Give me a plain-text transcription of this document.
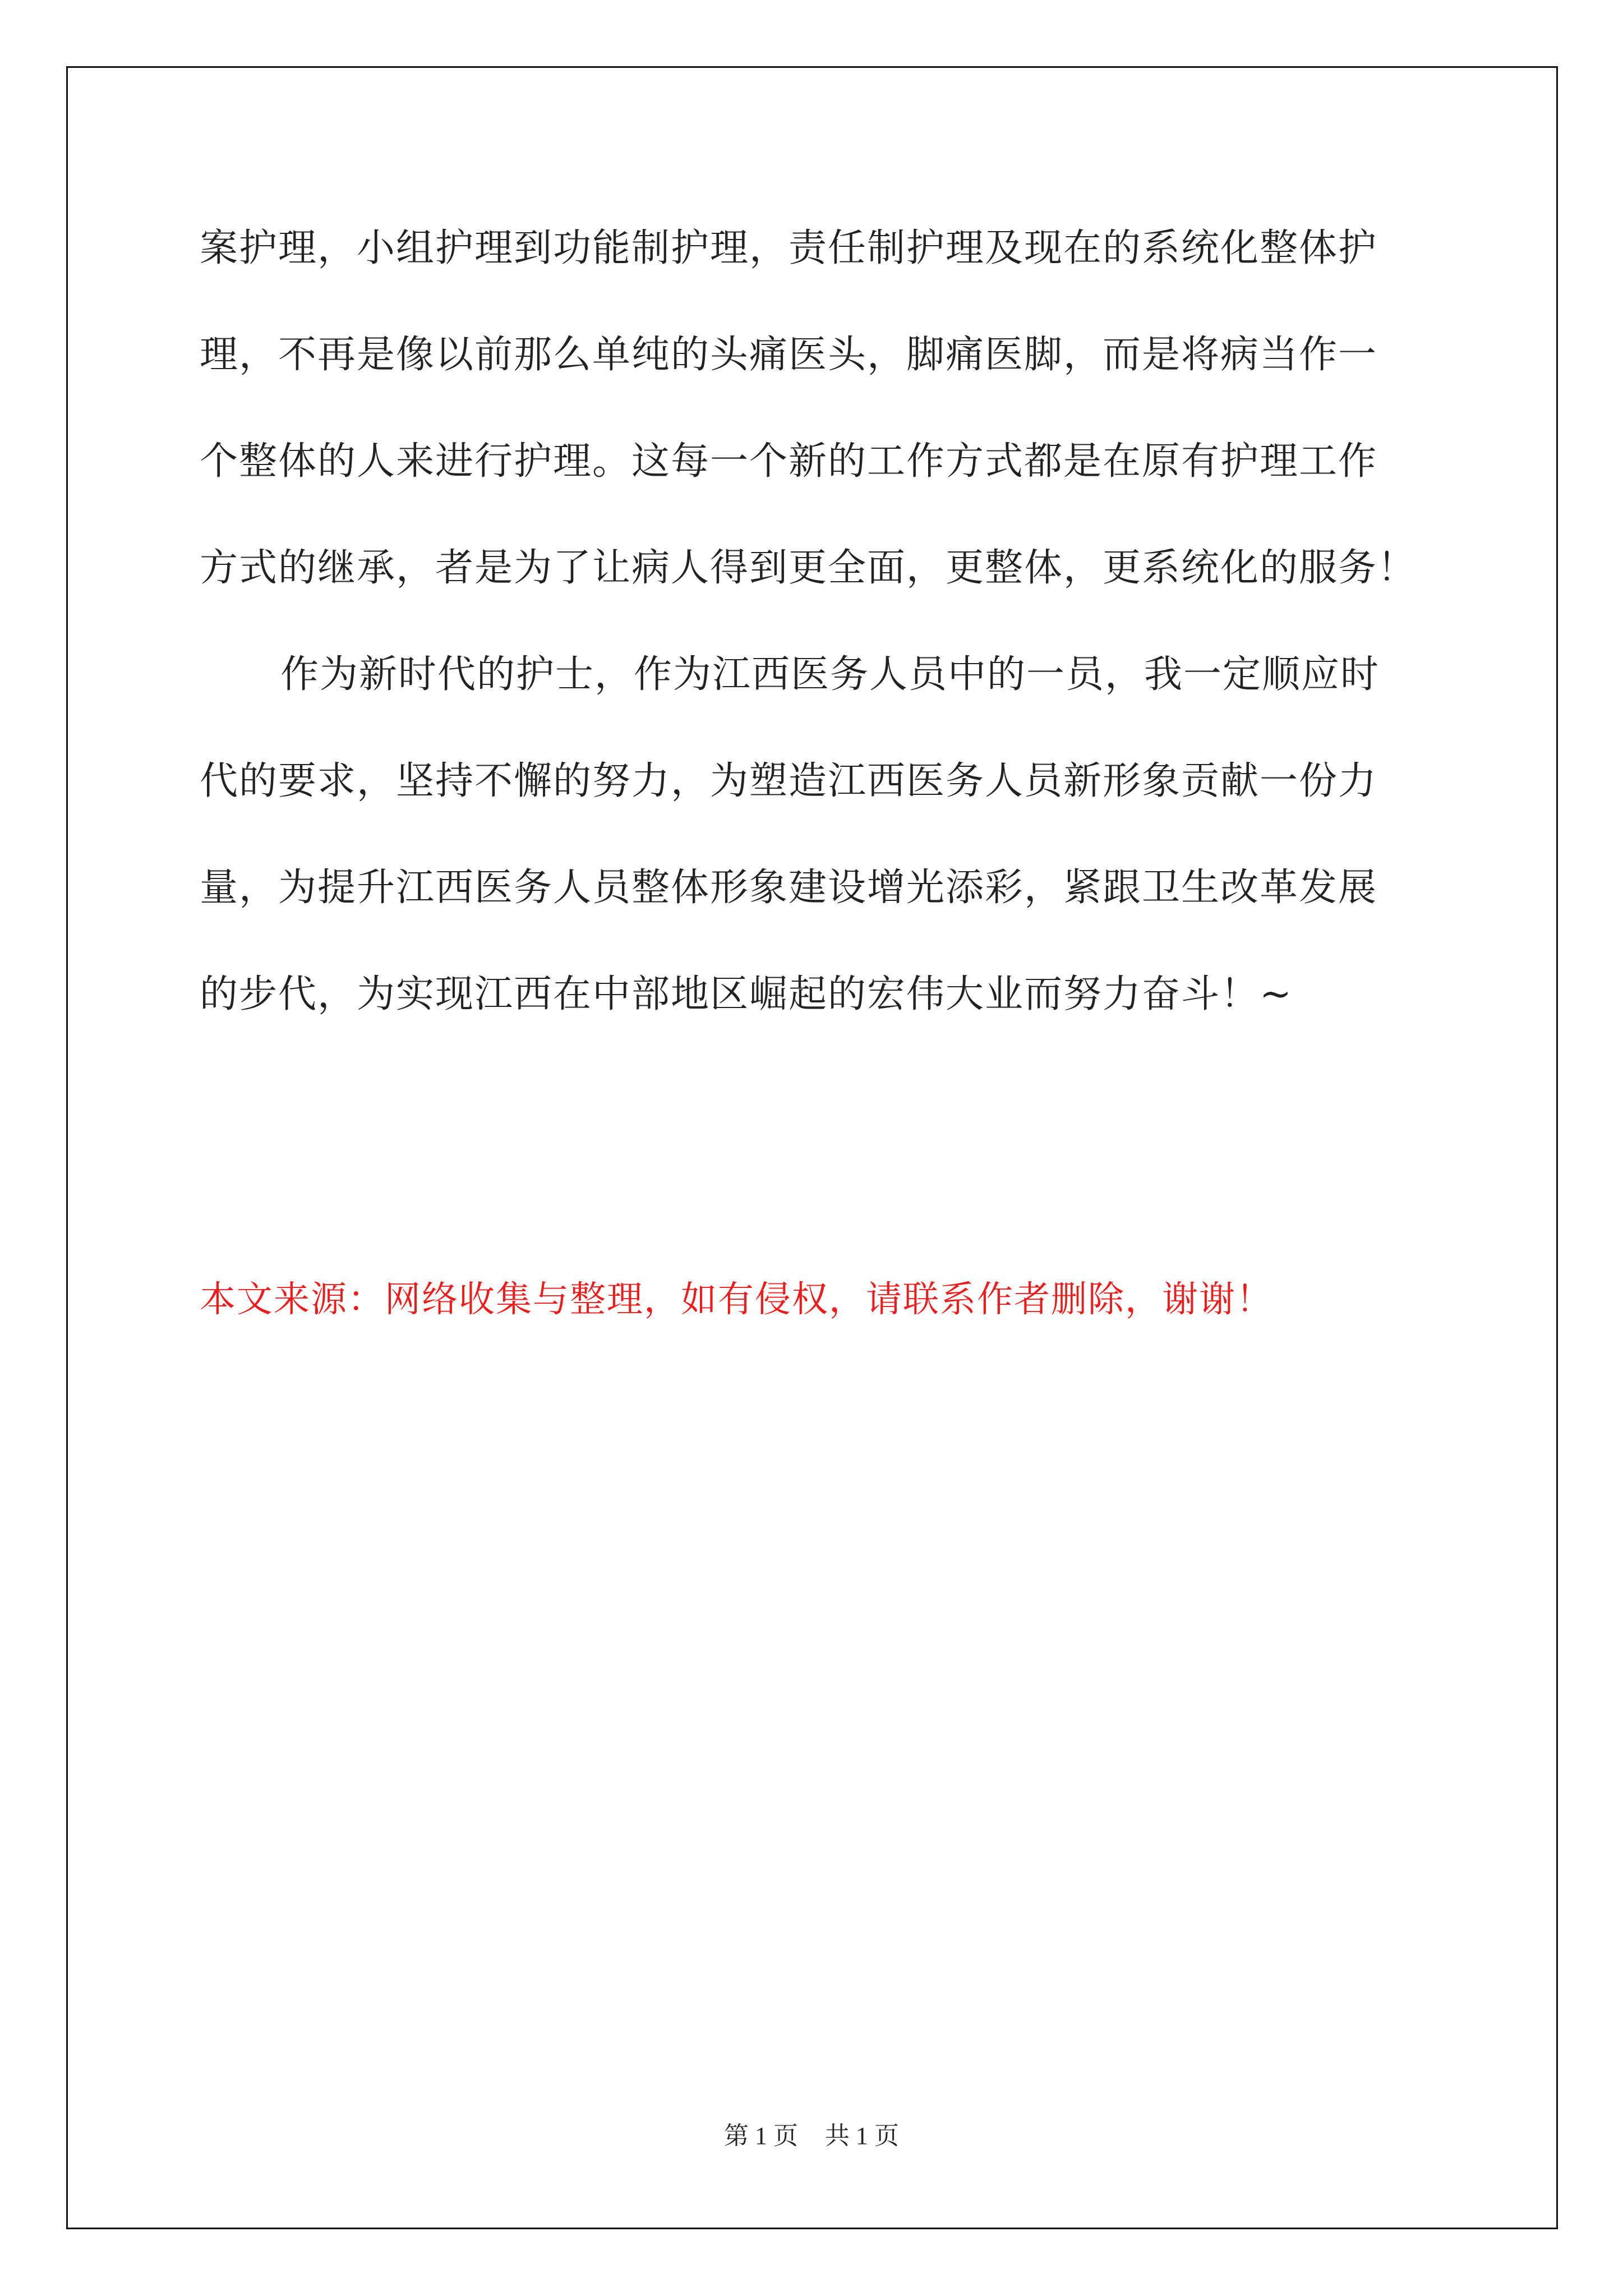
案护理，小组护理到功能制护理，责任制护理及现在的系统化整体护

理，不再是像以前那么单纯的头痛医头，脚痛医脚，而是将病当作一

个整体的人来进行护理。这每一个新的工作方式都是在原有护理工作

方式的继承，者是为了让病人得到更全面，更整体，更系统化的服务！

作为新时代的护士，作为江西医务人员中的一员，我一定顺应时

代的要求，坚持不懈的努力，为塑造江西医务人员新形象贡献一份力

量，为提升江西医务人员整体形象建设增光添彩，紧跟卫生改革发展

的步代，为实现江西在中部地区崛起的宏伟大业而努力奋斗！~

本文来源：网络收集与整理，如有侵权，请联系作者删除，谢谢！

第 1 页 共 1 页
